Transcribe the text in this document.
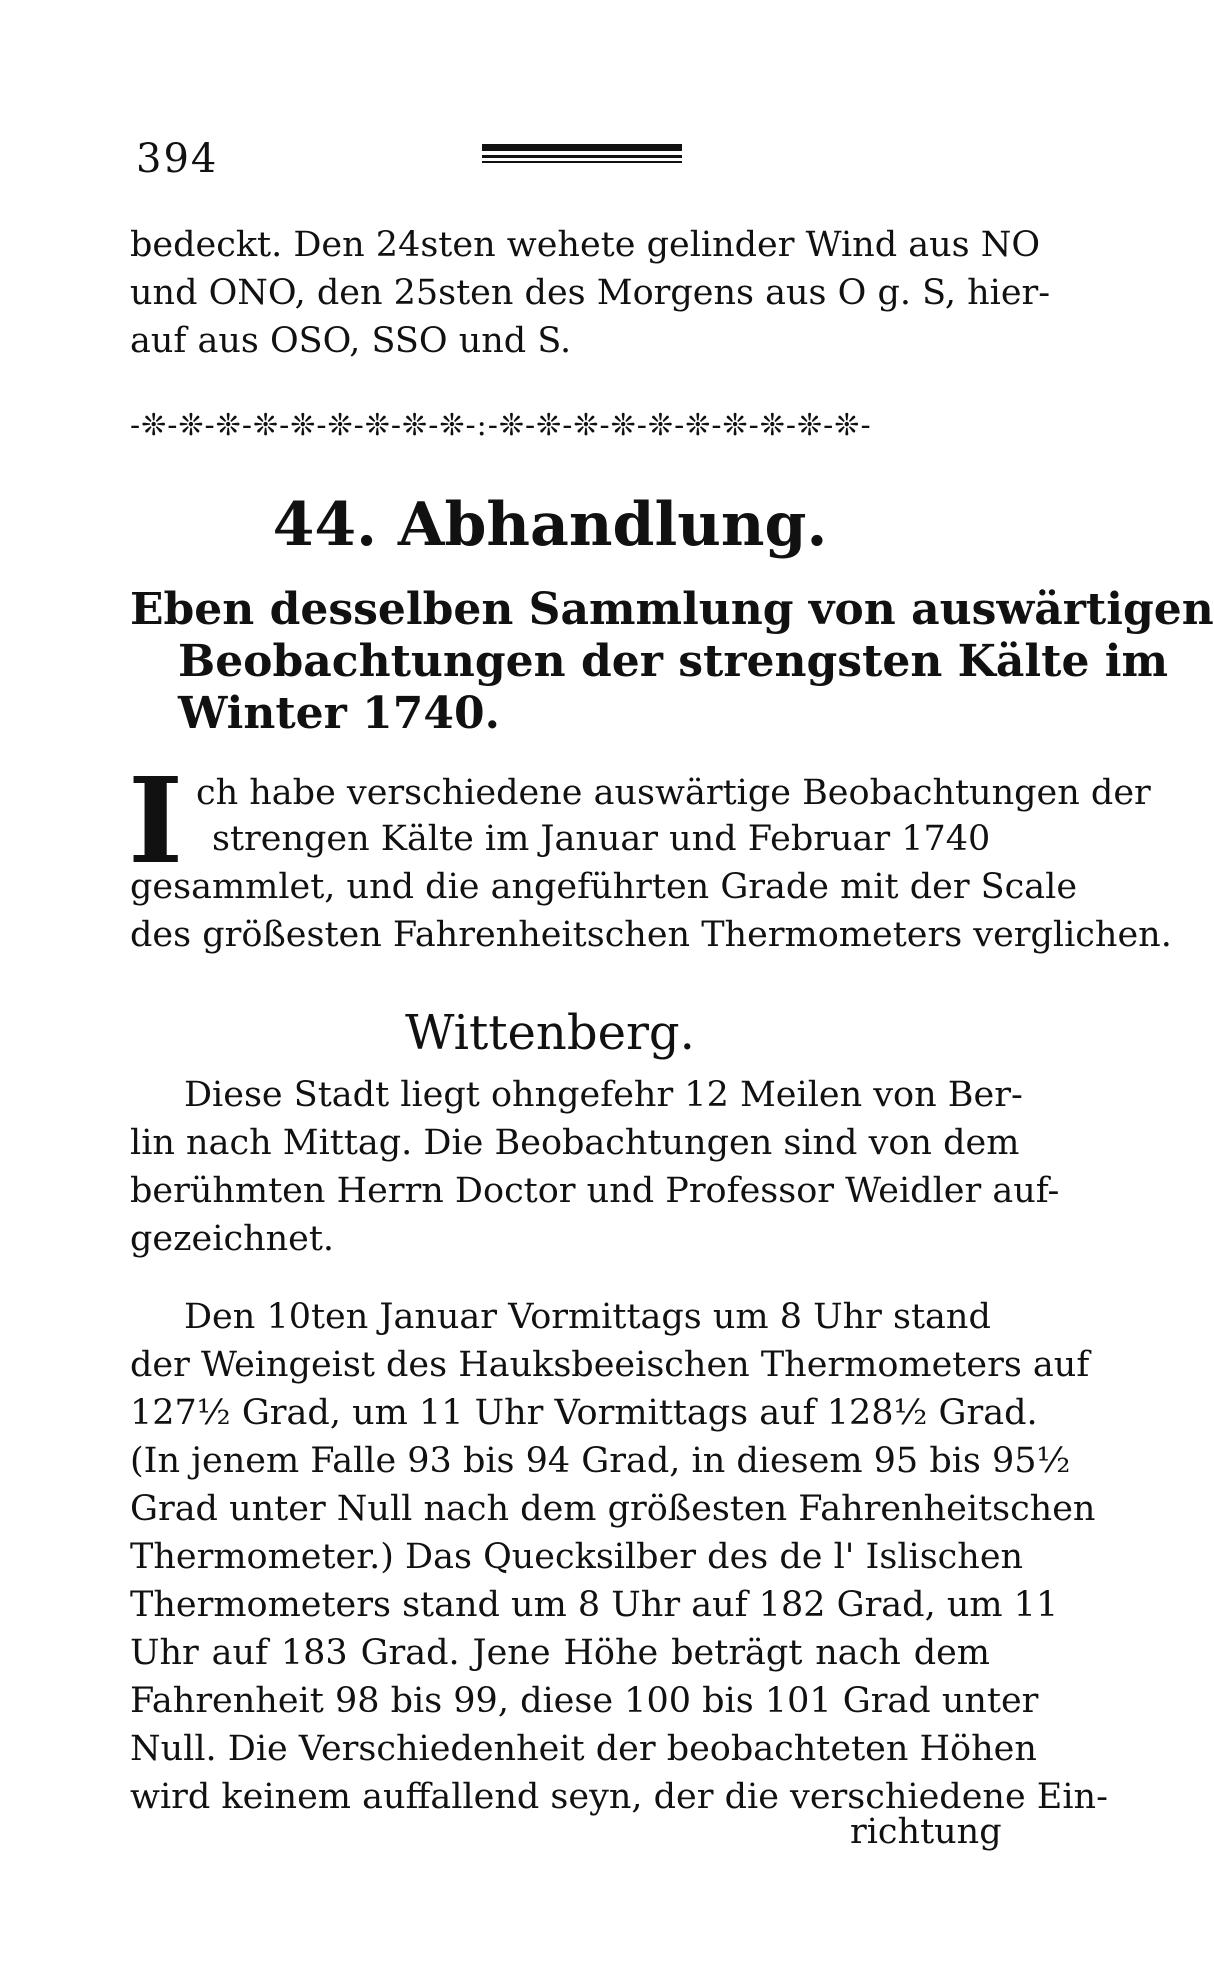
394
bedeckt. Den 24sten wehete gelinder Wind aus NO
und ONO, den 25sten des Morgens aus O g. S, hier-
auf aus OSO, SSO und S.
-❊-❊-❊-❊-❊-❊-❊-❊-❊-:-❊-❊-❊-❊-❊-❊-❊-❊-❊-❊-
44. Abhandlung.
Eben desselben Sammlung von auswärtigen
Beobachtungen der strengsten Kälte im
Winter 1740.
I ch habe verschiedene auswärtige Beobachtungen der
strengen Kälte im Januar und Februar 1740
gesammlet, und die angeführten Grade mit der Scale
des größesten Fahrenheitschen Thermometers verglichen.
Wittenberg.
Diese Stadt liegt ohngefehr 12 Meilen von Ber-
lin nach Mittag. Die Beobachtungen sind von dem
berühmten Herrn Doctor und Professor Weidler auf-
gezeichnet.
Den 10ten Januar Vormittags um 8 Uhr stand
der Weingeist des Hauksbeeischen Thermometers auf
127½ Grad, um 11 Uhr Vormittags auf 128½ Grad.
(In jenem Falle 93 bis 94 Grad, in diesem 95 bis 95½
Grad unter Null nach dem größesten Fahrenheitschen
Thermometer.) Das Quecksilber des de l' Islischen
Thermometers stand um 8 Uhr auf 182 Grad, um 11
Uhr auf 183 Grad. Jene Höhe beträgt nach dem
Fahrenheit 98 bis 99, diese 100 bis 101 Grad unter
Null. Die Verschiedenheit der beobachteten Höhen
wird keinem auffallend seyn, der die verschiedene Ein-
richtung
